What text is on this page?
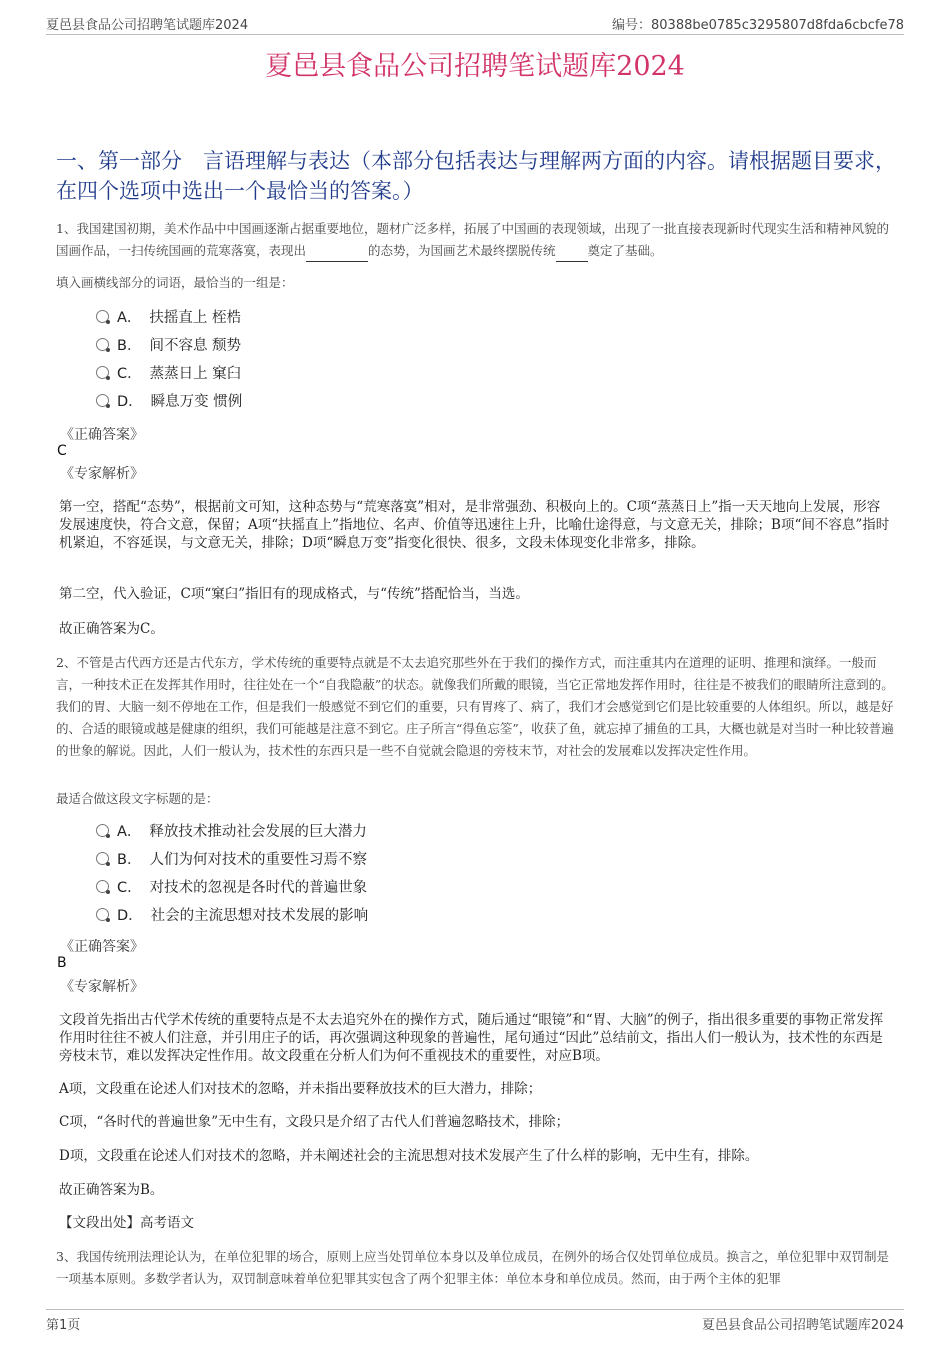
夏邑县食品公司招聘笔试题库2024	编号：80388be0785c3295807d8fda6cbcfe78
夏邑县食品公司招聘笔试题库2024
一、第一部分　言语理解与表达（本部分包括表达与理解两方面的内容。请根据题目要求，在四个选项中选出一个最恰当的答案。）
1、我国建国初期，美术作品中中国画逐渐占据重要地位，题材广泛多样，拓展了中国画的表现领域，出现了一批直接表现新时代现实生活和精神风貌的国画作品，一扫传统国画的荒寒落寞，表现出	的态势，为国画艺术最终摆脱传统	奠定了基础。
填入画横线部分的词语，最恰当的一组是：
A． 扶摇直上 桎梏
B． 间不容息 颓势
C． 蒸蒸日上 窠臼
D． 瞬息万变 惯例
《正确答案》
C
《专家解析》
第一空，搭配“态势”，根据前文可知，这种态势与“荒寒落寞”相对，是非常强劲、积极向上的。C项“蒸蒸日上”指一天天地向上发展，形容发展速度快，符合文意，保留；A项“扶摇直上”指地位、名声、价值等迅速往上升，比喻仕途得意，与文意无关，排除；B项“间不容息”指时机紧迫，不容延误，与文意无关，排除；D项“瞬息万变”指变化很快、很多，文段未体现变化非常多，排除。
第二空，代入验证，C项“窠臼”指旧有的现成格式，与“传统”搭配恰当，当选。
故正确答案为C。
2、不管是古代西方还是古代东方，学术传统的重要特点就是不太去追究那些外在于我们的操作方式，而注重其内在道理的证明、推理和演绎。一般而言，一种技术正在发挥其作用时，往往处在一个“自我隐蔽”的状态。就像我们所戴的眼镜，当它正常地发挥作用时，往往是不被我们的眼睛所注意到的。我们的胃、大脑一刻不停地在工作，但是我们一般感觉不到它们的重要，只有胃疼了、病了，我们才会感觉到它们是比较重要的人体组织。所以，越是好的、合适的眼镜或越是健康的组织，我们可能越是注意不到它。庄子所言“得鱼忘筌”，收获了鱼，就忘掉了捕鱼的工具，大概也就是对当时一种比较普遍的世象的解说。因此，人们一般认为，技术性的东西只是一些不自觉就会隐退的旁枝末节，对社会的发展难以发挥决定性作用。
最适合做这段文字标题的是：
A． 释放技术推动社会发展的巨大潜力
B． 人们为何对技术的重要性习焉不察
C． 对技术的忽视是各时代的普遍世象
D． 社会的主流思想对技术发展的影响
《正确答案》
B
《专家解析》
文段首先指出古代学术传统的重要特点是不太去追究外在的操作方式，随后通过“眼镜”和“胃、大脑”的例子，指出很多重要的事物正常发挥作用时往往不被人们注意，并引用庄子的话，再次强调这种现象的普遍性，尾句通过“因此”总结前文，指出人们一般认为，技术性的东西是旁枝末节，难以发挥决定性作用。故文段重在分析人们为何不重视技术的重要性，对应B项。
A项，文段重在论述人们对技术的忽略，并未指出要释放技术的巨大潜力，排除；
C项，“各时代的普遍世象”无中生有，文段只是介绍了古代人们普遍忽略技术，排除；
D项，文段重在论述人们对技术的忽略，并未阐述社会的主流思想对技术发展产生了什么样的影响，无中生有，排除。
故正确答案为B。
【文段出处】高考语文
3、我国传统刑法理论认为，在单位犯罪的场合，原则上应当处罚单位本身以及单位成员，在例外的场合仅处罚单位成员。换言之，单位犯罪中双罚制是一项基本原则。多数学者认为，双罚制意味着单位犯罪其实包含了两个犯罪主体：单位本身和单位成员。然而，由于两个主体的犯罪
第1页	夏邑县食品公司招聘笔试题库2024
